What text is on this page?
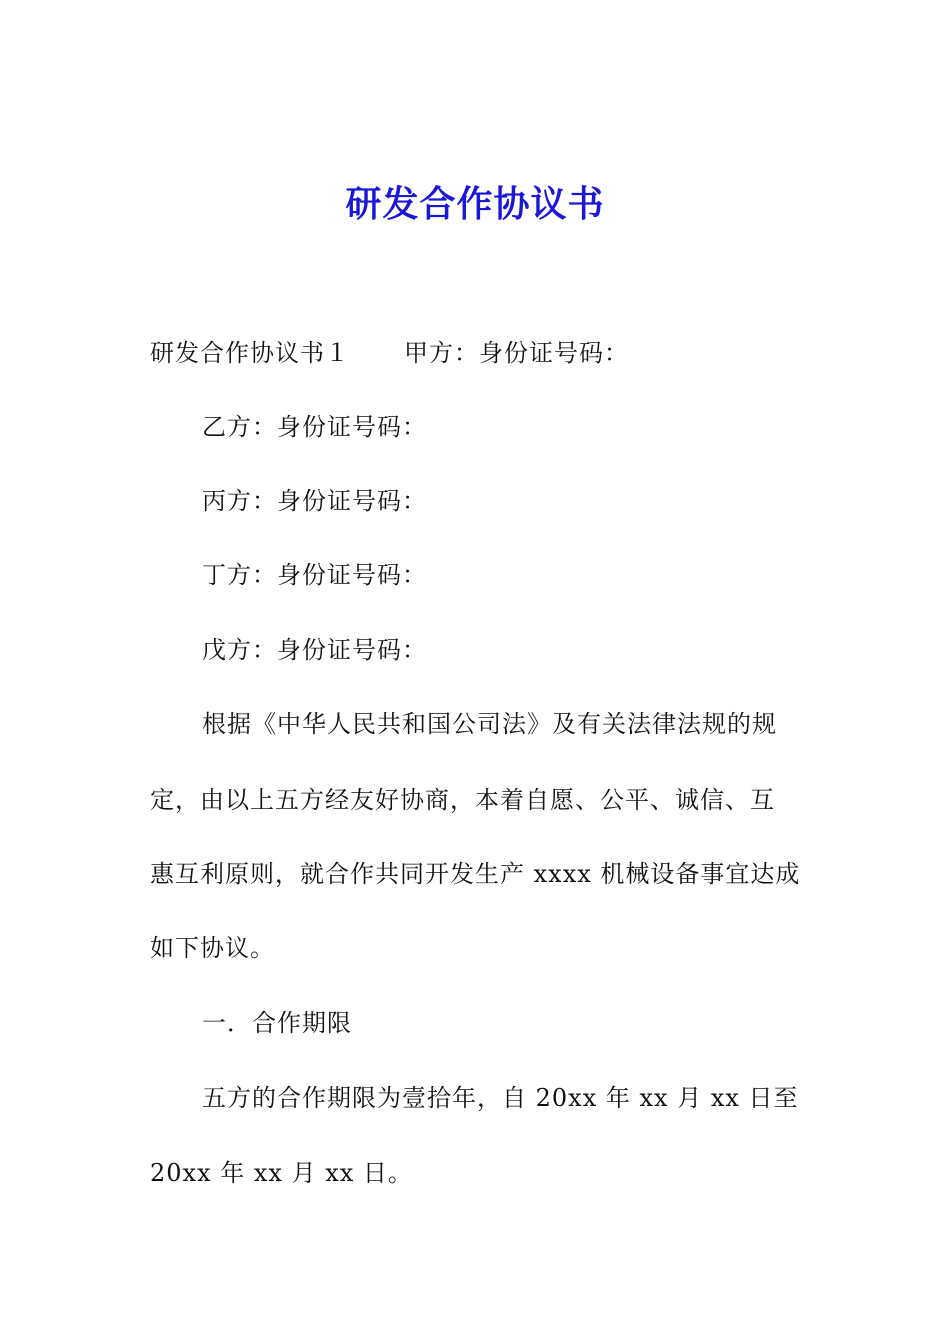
研发合作协议书
研发合作协议书１ 甲方：身份证号码：
乙方：身份证号码：
丙方：身份证号码：
丁方：身份证号码：
戊方：身份证号码：
根据《中华人民共和国公司法》及有关法律法规的规
定，由以上五方经友好协商，本着自愿、公平、诚信、互
惠互利原则，就合作共同开发生产 xxxx 机械设备事宜达成
如下协议。
一．合作期限
五方的合作期限为壹拾年，自 20xx 年 xx 月 xx 日至
20xx 年 xx 月 xx 日。
